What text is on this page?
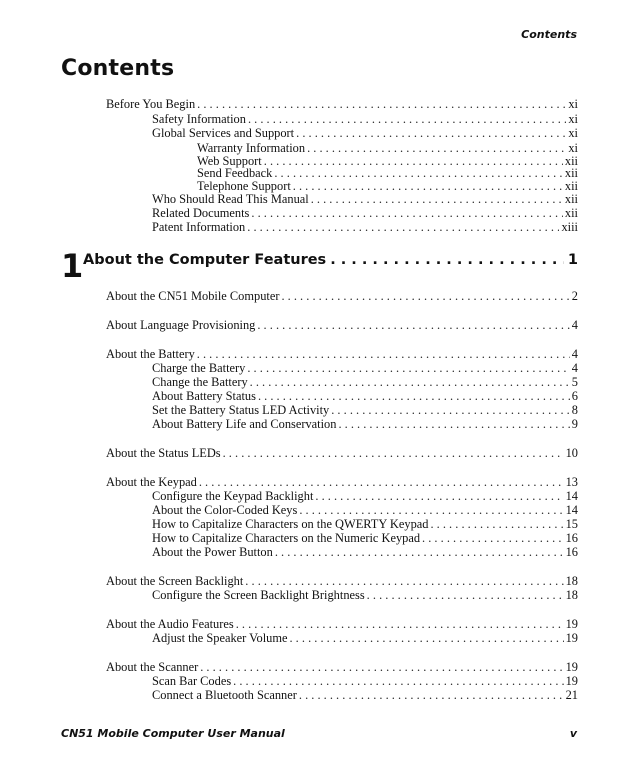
Contents
Contents
Before You Begin . . .	xi
Safety Information . . .	xi
Global Services and Support . . .	xi
Warranty Information . . .	xi
Web Support . . .	xii
Send Feedback . . .	xii
Telephone Support . . .	xii
Who Should Read This Manual . . .	xii
Related Documents . . .	xii
Patent Information . . .	xiii
1 About the Computer Features . . .	1
About the CN51 Mobile Computer . . .	2
About Language Provisioning . . .	4
About the Battery . . .	4
Charge the Battery . . .	4
Change the Battery . . .	5
About Battery Status . . .	6
Set the Battery Status LED Activity . . .	8
About Battery Life and Conservation . . .	9
About the Status LEDs . . .	10
About the Keypad . . .	13
Configure the Keypad Backlight . . .	14
About the Color-Coded Keys . . .	14
How to Capitalize Characters on the QWERTY Keypad . . .	15
How to Capitalize Characters on the Numeric Keypad . . .	16
About the Power Button . . .	16
About the Screen Backlight . . .	18
Configure the Screen Backlight Brightness . . .	18
About the Audio Features . . .	19
Adjust the Speaker Volume . . .	19
About the Scanner . . .	19
Scan Bar Codes . . .	19
Connect a Bluetooth Scanner . . .	21
CN51 Mobile Computer User Manual	v
